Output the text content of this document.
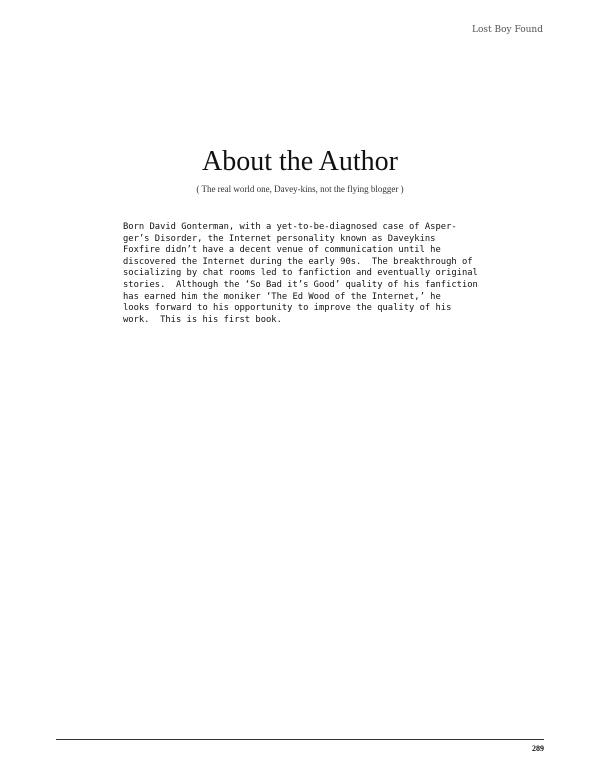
Lost Boy Found

About the Author

( The real world one, Davey-kins, not the flying blogger )

Born David Gonterman, with a yet-to-be-diagnosed case of Asper-
ger’s Disorder, the Internet personality known as Daveykins
Foxfire didn’t have a decent venue of communication until he
discovered the Internet during the early 90s.  The breakthrough of
socializing by chat rooms led to fanfiction and eventually original
stories.  Although the ‘So Bad it’s Good’ quality of his fanfiction
has earned him the moniker ‘The Ed Wood of the Internet,’ he
looks forward to his opportunity to improve the quality of his
work.  This is his first book.

289
